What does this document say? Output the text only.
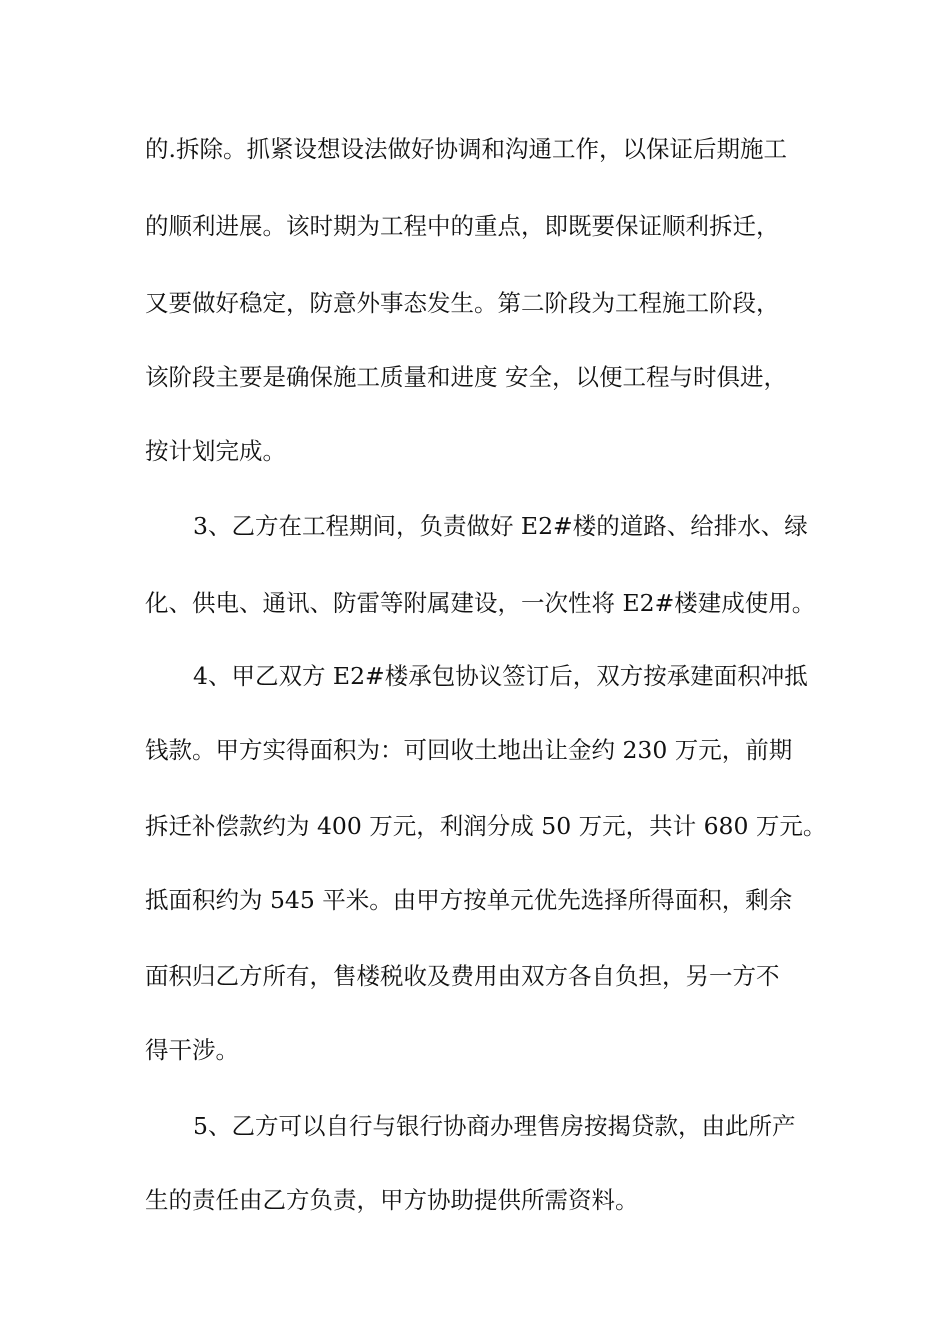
的.拆除。抓紧设想设法做好协调和沟通工作，以保证后期施工
的顺利进展。该时期为工程中的重点，即既要保证顺利拆迁，
又要做好稳定，防意外事态发生。第二阶段为工程施工阶段，
该阶段主要是确保施工质量和进度 安全，以便工程与时俱进，
按计划完成。
3、乙方在工程期间，负责做好 E2#楼的道路、给排水、绿
化、供电、通讯、防雷等附属建设，一次性将 E2#楼建成使用。
4、甲乙双方 E2#楼承包协议签订后，双方按承建面积冲抵
钱款。甲方实得面积为：可回收土地出让金约 230 万元，前期
拆迁补偿款约为 400 万元，利润分成 50 万元，共计 680 万元。
抵面积约为 545 平米。由甲方按单元优先选择所得面积，剩余
面积归乙方所有，售楼税收及费用由双方各自负担，另一方不
得干涉。
5、乙方可以自行与银行协商办理售房按揭贷款，由此所产
生的责任由乙方负责，甲方协助提供所需资料。
